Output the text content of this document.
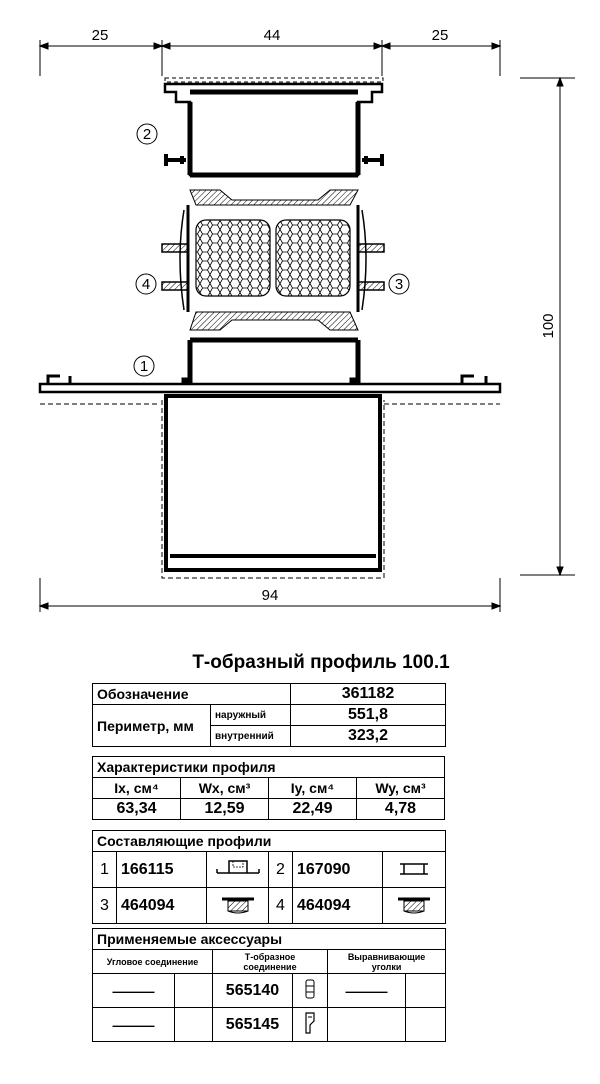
25	44	25
100
94
1
2
3
4
Т-образный профиль 100.1
Обозначение		361182
Периметр, мм	наружный	551,8
	внутренний	323,2
Характеристики профиля			
Ix, см⁴	Wx, см³	Iy, см⁴	Wy, см³
63,34	12,59	22,49	4,78
Составляющие профили					
1	166115		2	167090	
3	464094		4	464094	
Применяемые аксессуары					
Угловое соединение		Т-образное соединение		Выравнивающие уголки	
———		565140		———	
———		565145			
